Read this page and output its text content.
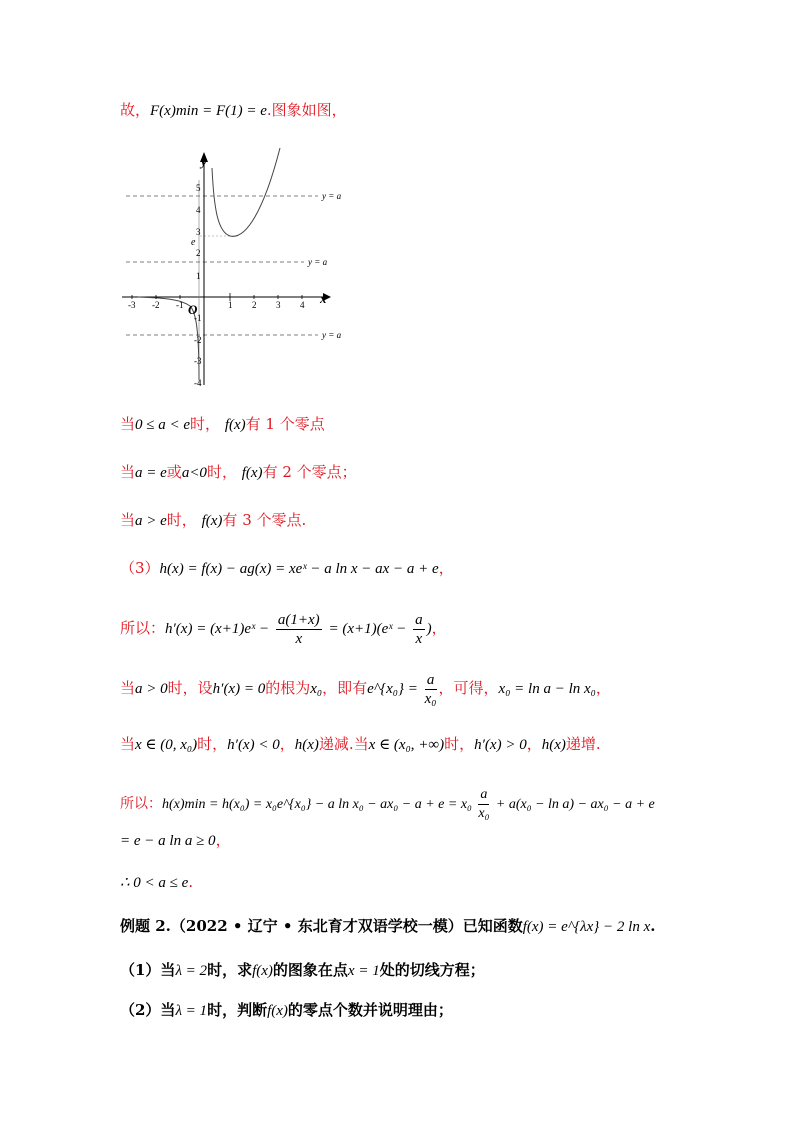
故，F(x)min = F(1) = e.图象如图，
-3 -2 -1	1 2 3 4
5
4
3
2
1
-1
-2
-3
-4
y
x
O
e
y = a
y = a
y = a
当0 ≤ a < e时， f(x)有 1 个零点
当a = e或a<0时， f(x)有 2 个零点；
当a > e时， f(x)有 3 个零点.
（3）h(x) = f(x) − ag(x) = xeˣ − a ln x − ax − a + e，
所以：h′(x) = (x+1)eˣ − $\frac{a(1+x)}{x}$ = (x+1)(eˣ − $\frac{a}{x}$ )，
当a > 0时，设h′(x) = 0的根为x₀，即有e^{x₀} = $\frac{a}{\text{x₀}}$ ，可得，x₀ = ln a − ln x₀，
当x ∈ (0, x₀)时，h′(x) < 0，h(x)递减.当x ∈ (x₀, +∞)时，h′(x) > 0，h(x)递增.
所以：h(x)min = h(x₀) = x₀e^{x₀} − a $\ln x_0 - ax_0 - a + e = x_0 \frac{a}{\text{x₀}} + a(x_0 - \ln a) - ax_0 - a + e$
= e − a ln a ≥ 0，
∴ 0 < a ≤ e.
例题 2.（2022 • 辽宁 • 东北育才双语学校一模）已知函数f(x) = e^{λx} − 2 ln x.
（1）当λ = 2时，求f(x)的图象在点x = 1处的切线方程；
（2）当λ = 1时，判断f(x)的零点个数并说明理由；
